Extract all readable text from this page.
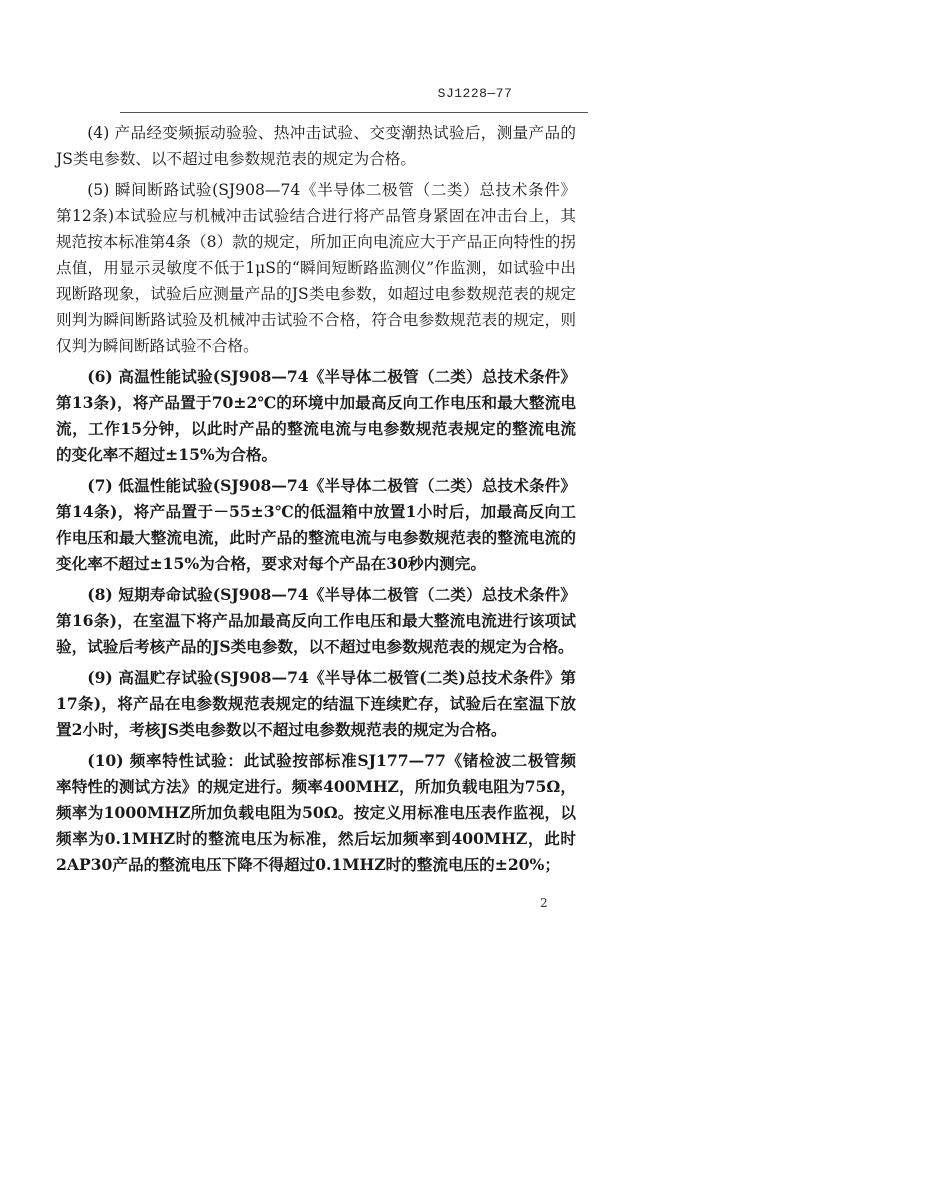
SJ1228—77

(4) 产品经变频振动验验、热冲击试验、交变潮热试验后，测量产品的JS类电参数、以不超过电参数规范表的规定为合格。

(5) 瞬间断路试验(SJ908—74《半导体二极管（二类）总技术条件》第12条)本试验应与机械冲击试验结合进行将产品管身紧固在冲击台上，其规范按本标准第4条（8）款的规定，所加正向电流应大于产品正向特性的拐点值，用显示灵敏度不低于1μS的“瞬间短断路监测仪”作监测，如试验中出现断路现象，试验后应测量产品的JS类电参数，如超过电参数规范表的规定则判为瞬间断路试验及机械冲击试验不合格，符合电参数规范表的规定，则仅判为瞬间断路试验不合格。

(6) 高温性能试验(SJ908—74《半导体二极管（二类）总技术条件》第13条)，将产品置于70±2℃的环境中加最高反向工作电压和最大整流电流，工作15分钟，以此时产品的整流电流与电参数规范表规定的整流电流的变化率不超过±15%为合格。

(7) 低温性能试验(SJ908—74《半导体二极管（二类）总技术条件》第14条)，将产品置于－55±3℃的低温箱中放置1小时后，加最高反向工作电压和最大整流电流，此时产品的整流电流与电参数规范表的整流电流的变化率不超过±15%为合格，要求对每个产品在30秒内测完。

(8) 短期寿命试验(SJ908—74《半导体二极管（二类）总技术条件》第16条)，在室温下将产品加最高反向工作电压和最大整流电流进行该项试验，试验后考核产品的JS类电参数，以不超过电参数规范表的规定为合格。

(9) 高温贮存试验(SJ908—74《半导体二极管(二类)总技术条件》第17条)，将产品在电参数规范表规定的结温下连续贮存，试验后在室温下放置2小时，考核JS类电参数以不超过电参数规范表的规定为合格。

(10) 频率特性试验：此试验按部标准SJ177—77《锗检波二极管频率特性的测试方法》的规定进行。频率400MHZ，所加负载电阻为75Ω，频率为1000MHZ所加负载电阻为50Ω。按定义用标准电压表作监视，以频率为0.1MHZ时的整流电压为标准，然后坛加频率到400MHZ，此时2AP30产品的整流电压下降不得超过0.1MHZ时的整流电压的±20%；

2
